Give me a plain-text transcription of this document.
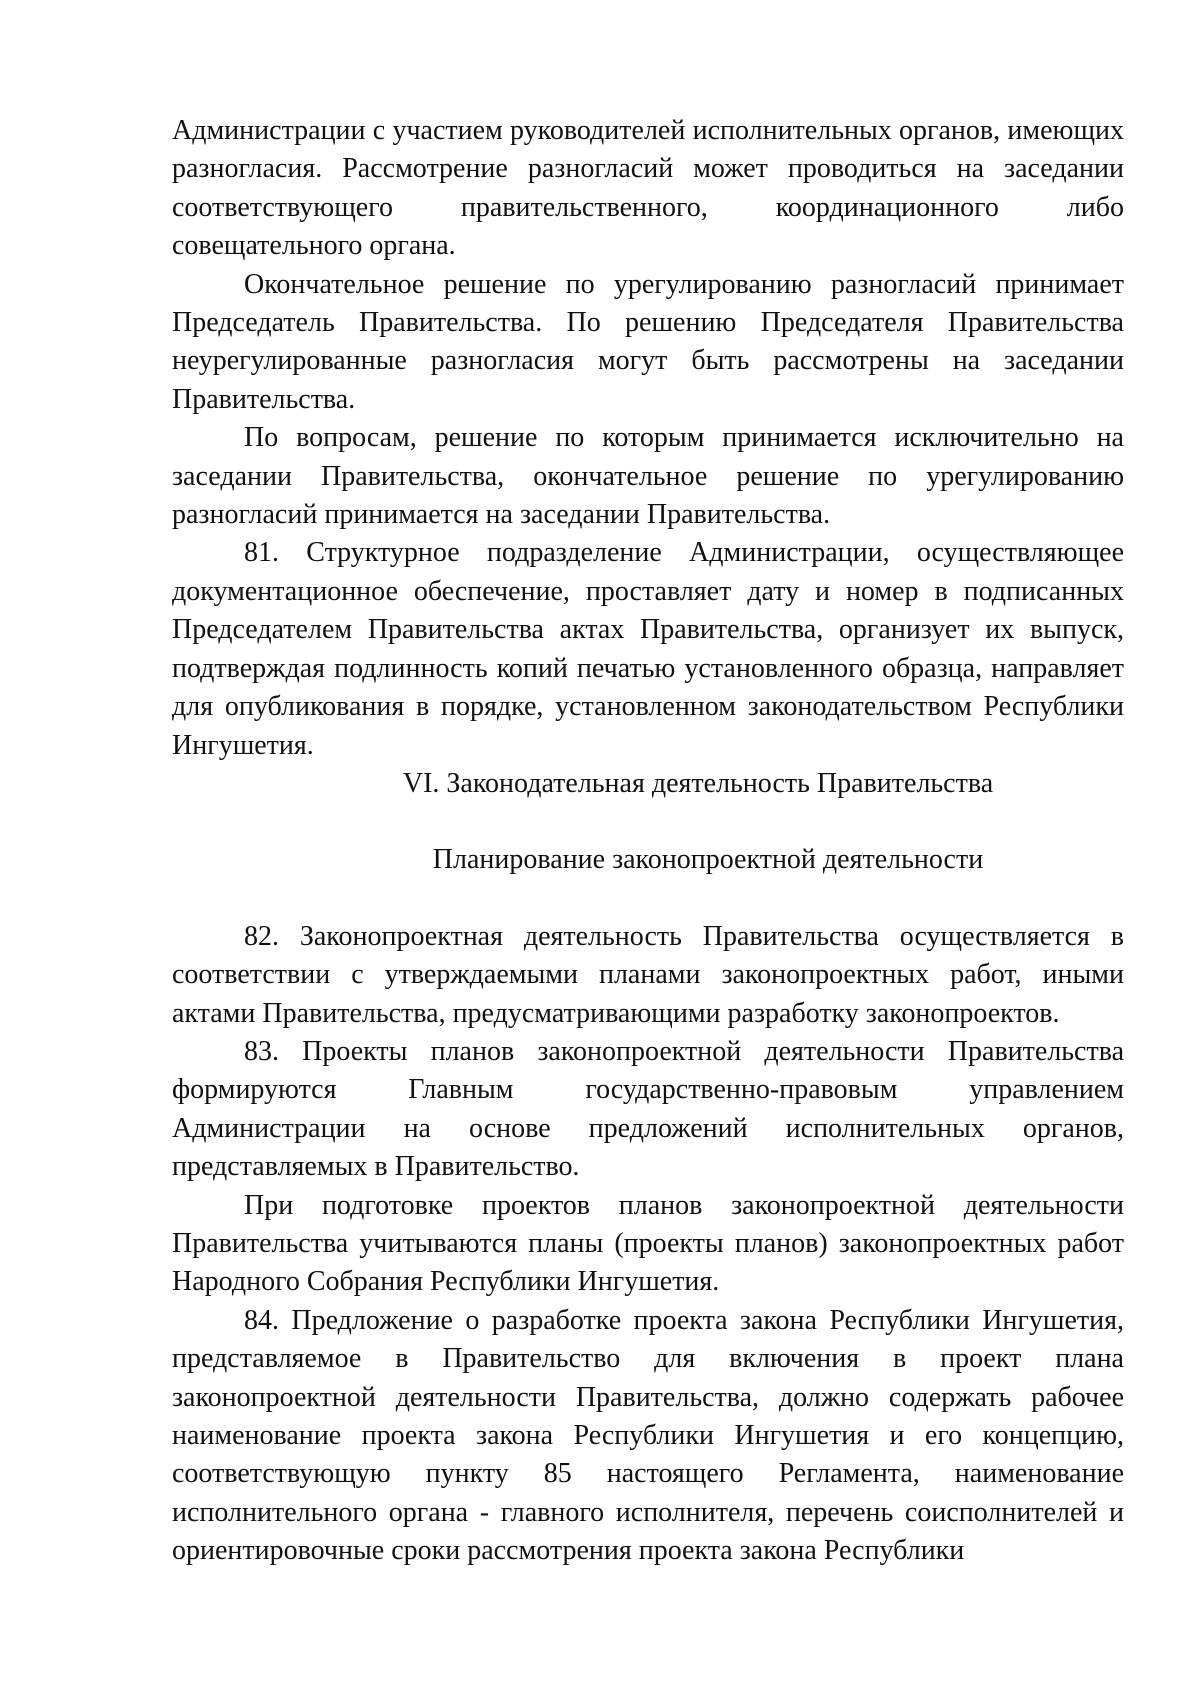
Администрации с участием руководителей исполнительных органов, имеющих разногласия. Рассмотрение разногласий может проводиться на заседании соответствующего правительственного, координационного либо совещательного органа.

Окончательное решение по урегулированию разногласий принимает Председатель Правительства. По решению Председателя Правительства неурегулированные разногласия могут быть рассмотрены на заседании Правительства.

По вопросам, решение по которым принимается исключительно на заседании Правительства, окончательное решение по урегулированию разногласий принимается на заседании Правительства.

81. Структурное подразделение Администрации, осуществляющее документационное обеспечение, проставляет дату и номер в подписанных Председателем Правительства актах Правительства, организует их выпуск, подтверждая подлинность копий печатью установленного образца, направляет для опубликования в порядке, установленном законодательством Республики Ингушетия.

VI. Законодательная деятельность Правительства

Планирование законопроектной деятельности

82. Законопроектная деятельность Правительства осуществляется в соответствии с утверждаемыми планами законопроектных работ, иными актами Правительства, предусматривающими разработку законопроектов.

83. Проекты планов законопроектной деятельности Правительства формируются Главным государственно-правовым управлением Администрации на основе предложений исполнительных органов, представляемых в Правительство.

При подготовке проектов планов законопроектной деятельности Правительства учитываются планы (проекты планов) законопроектных работ Народного Собрания Республики Ингушетия.

84. Предложение о разработке проекта закона Республики Ингушетия, представляемое в Правительство для включения в проект плана законопроектной деятельности Правительства, должно содержать рабочее наименование проекта закона Республики Ингушетия и его концепцию, соответствующую пункту 85 настоящего Регламента, наименование исполнительного органа - главного исполнителя, перечень соисполнителей и ориентировочные сроки рассмотрения проекта закона Республики
